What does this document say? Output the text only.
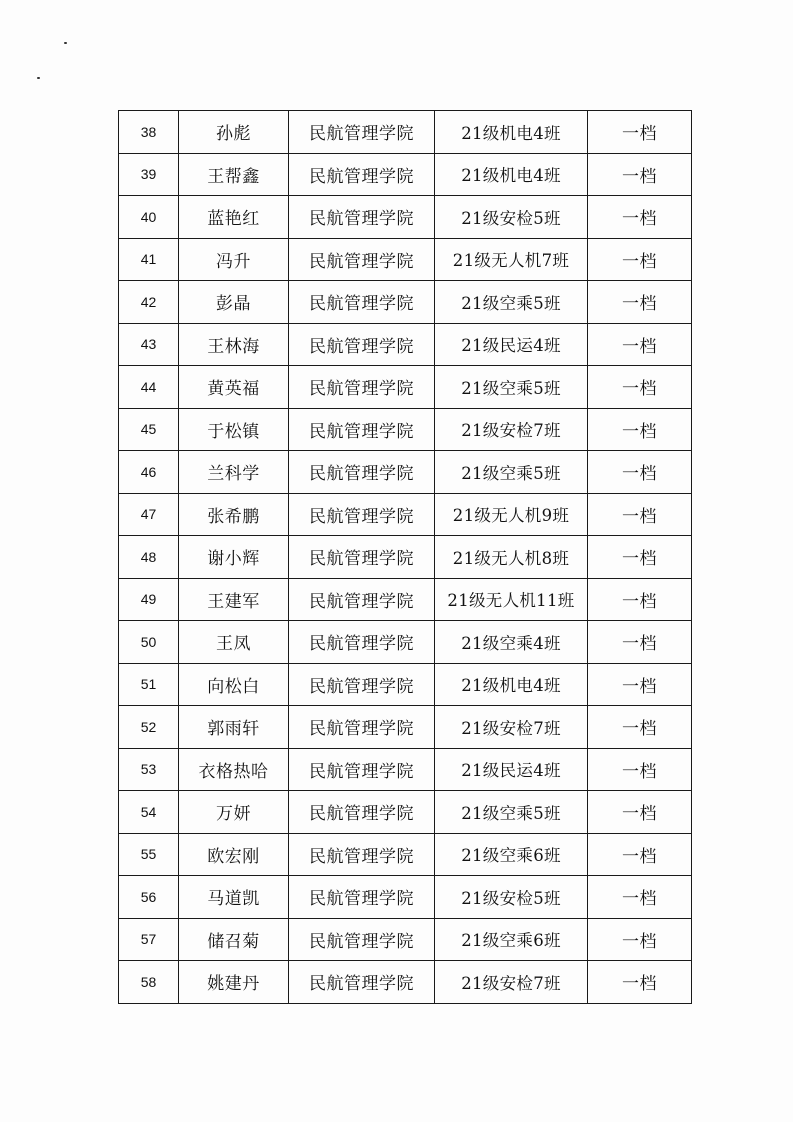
38	孙彪	民航管理学院	21级机电4班	一档
39	王帮鑫	民航管理学院	21级机电4班	一档
40	蓝艳红	民航管理学院	21级安检5班	一档
41	冯升	民航管理学院	21级无人机7班	一档
42	彭晶	民航管理学院	21级空乘5班	一档
43	王林海	民航管理学院	21级民运4班	一档
44	黄英福	民航管理学院	21级空乘5班	一档
45	于松镇	民航管理学院	21级安检7班	一档
46	兰科学	民航管理学院	21级空乘5班	一档
47	张希鹏	民航管理学院	21级无人机9班	一档
48	谢小辉	民航管理学院	21级无人机8班	一档
49	王建军	民航管理学院	21级无人机11班	一档
50	王凤	民航管理学院	21级空乘4班	一档
51	向松白	民航管理学院	21级机电4班	一档
52	郭雨轩	民航管理学院	21级安检7班	一档
53	衣格热哈	民航管理学院	21级民运4班	一档
54	万妍	民航管理学院	21级空乘5班	一档
55	欧宏刚	民航管理学院	21级空乘6班	一档
56	马道凯	民航管理学院	21级安检5班	一档
57	储召菊	民航管理学院	21级空乘6班	一档
58	姚建丹	民航管理学院	21级安检7班	一档
